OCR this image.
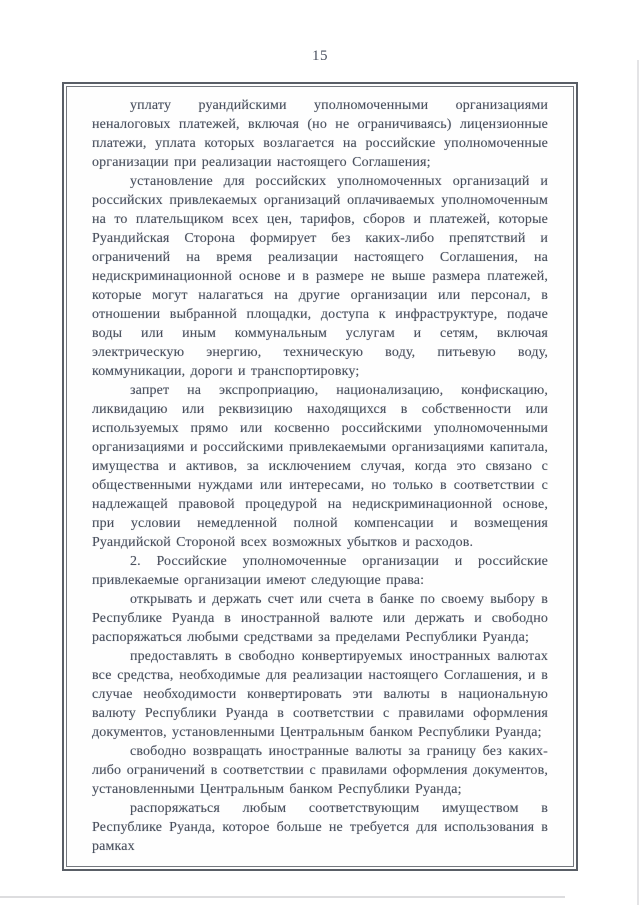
15

уплату руандийскими уполномоченными организациями неналоговых платежей, включая (но не ограничиваясь) лицензионные платежи, уплата которых возлагается на российские уполномоченные организации при реализации настоящего Соглашения;

установление для российских уполномоченных организаций и российских привлекаемых организаций оплачиваемых уполномоченным на то плательщиком всех цен, тарифов, сборов и платежей, которые Руандийская Сторона формирует без каких-либо препятствий и ограничений на время реализации настоящего Соглашения, на недискриминационной основе и в размере не выше размера платежей, которые могут налагаться на другие организации или персонал, в отношении выбранной площадки, доступа к инфраструктуре, подаче воды или иным коммунальным услугам и сетям, включая электрическую энергию, техническую воду, питьевую воду, коммуникации, дороги и транспортировку;

запрет на экспроприацию, национализацию, конфискацию, ликвидацию или реквизицию находящихся в собственности или используемых прямо или косвенно российскими уполномоченными организациями и российскими привлекаемыми организациями капитала, имущества и активов, за исключением случая, когда это связано с общественными нуждами или интересами, но только в соответствии с надлежащей правовой процедурой на недискриминационной основе, при условии немедленной полной компенсации и возмещения Руандийской Стороной всех возможных убытков и расходов.

2. Российские уполномоченные организации и российские привлекаемые организации имеют следующие права:

открывать и держать счет или счета в банке по своему выбору в Республике Руанда в иностранной валюте или держать и свободно распоряжаться любыми средствами за пределами Республики Руанда;

предоставлять в свободно конвертируемых иностранных валютах все средства, необходимые для реализации настоящего Соглашения, и в случае необходимости конвертировать эти валюты в национальную валюту Республики Руанда в соответствии с правилами оформления документов, установленными Центральным банком Республики Руанда;

свободно возвращать иностранные валюты за границу без каких-либо ограничений в соответствии с правилами оформления документов, установленными Центральным банком Республики Руанда;

распоряжаться любым соответствующим имуществом в Республике Руанда, которое больше не требуется для использования в рамках
